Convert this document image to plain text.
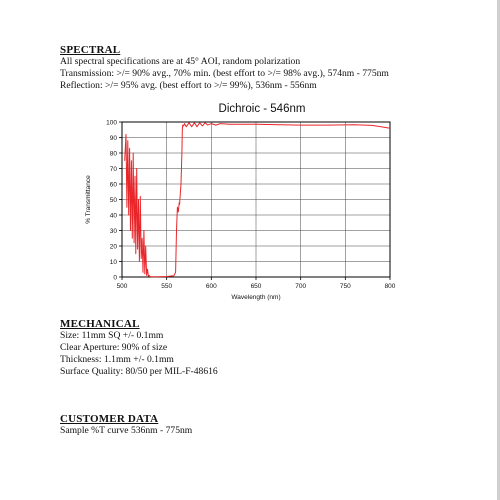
SPECTRAL
All spectral specifications are at 45° AOI, random polarization
Transmission: >/= 90% avg., 70% min. (best effort to >/= 98% avg.), 574nm - 775nm
Reflection: >/= 95% avg. (best effort to >/= 99%), 536nm - 556nm
Dichroic - 546nm
500	550	600	650	700	750	800
0
10
20
30
40
50
60
70
80
90
100
Wavelength (nm)
% Transmittance
MECHANICAL
Size: 11mm SQ +/- 0.1mm
Clear Aperture: 90% of size
Thickness: 1.1mm +/- 0.1mm
Surface Quality: 80/50 per MIL-F-48616
CUSTOMER DATA
Sample %T curve 536nm - 775nm
